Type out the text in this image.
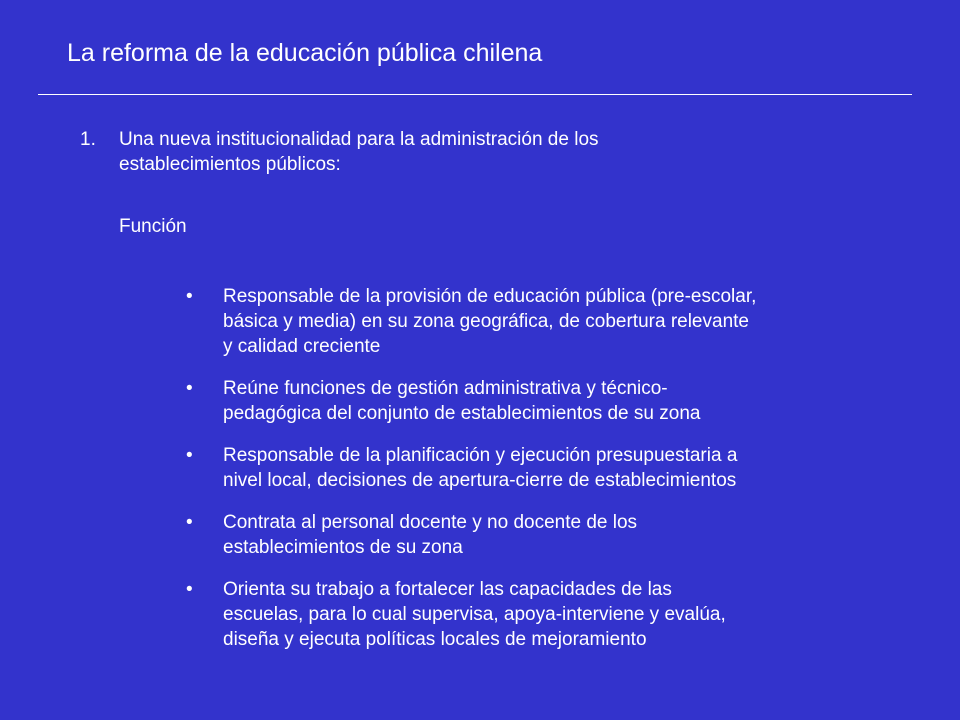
La reforma de la educación pública chilena
1. Una nueva institucionalidad para la administración de los
establecimientos públicos:
Función
• Responsable de la provisión de educación pública (pre-escolar,
básica y media) en su zona geográfica, de cobertura relevante
y calidad creciente
• Reúne funciones de gestión administrativa y técnico-
pedagógica del conjunto de establecimientos de su zona
• Responsable de la planificación y ejecución presupuestaria a
nivel local, decisiones de apertura-cierre de establecimientos
• Contrata al personal docente y no docente de los
establecimientos de su zona
• Orienta su trabajo a fortalecer las capacidades de las
escuelas, para lo cual supervisa, apoya-interviene y evalúa,
diseña y ejecuta políticas locales de mejoramiento
